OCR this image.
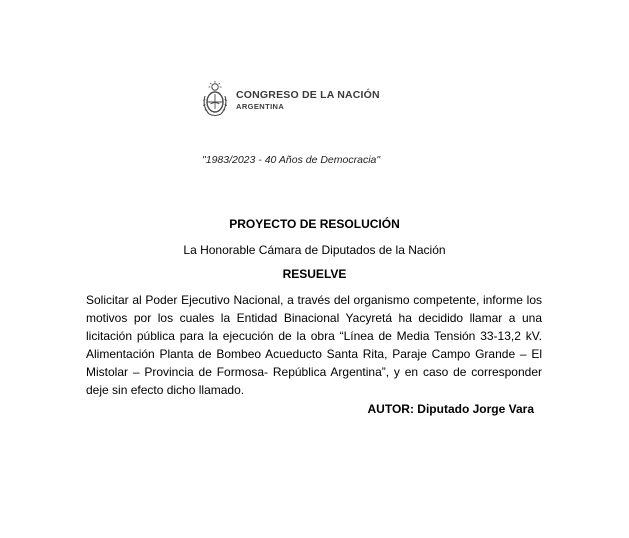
CONGRESO DE LA NACIÓN
ARGENTINA
"1983/2023 - 40 Años de Democracia"
PROYECTO DE RESOLUCIÓN
La Honorable Cámara de Diputados de la Nación
RESUELVE
Solicitar al Poder Ejecutivo Nacional, a través del organismo competente, informe los motivos por los cuales la Entidad Binacional Yacyretá ha decidido llamar a una licitación pública para la ejecución de la obra “Línea de Media Tensión 33-13,2 kV. Alimentación Planta de Bombeo Acueducto Santa Rita, Paraje Campo Grande – El Mistolar – Provincia de Formosa- República Argentina”, y en caso de corresponder deje sin efecto dicho llamado.
AUTOR: Diputado Jorge Vara
